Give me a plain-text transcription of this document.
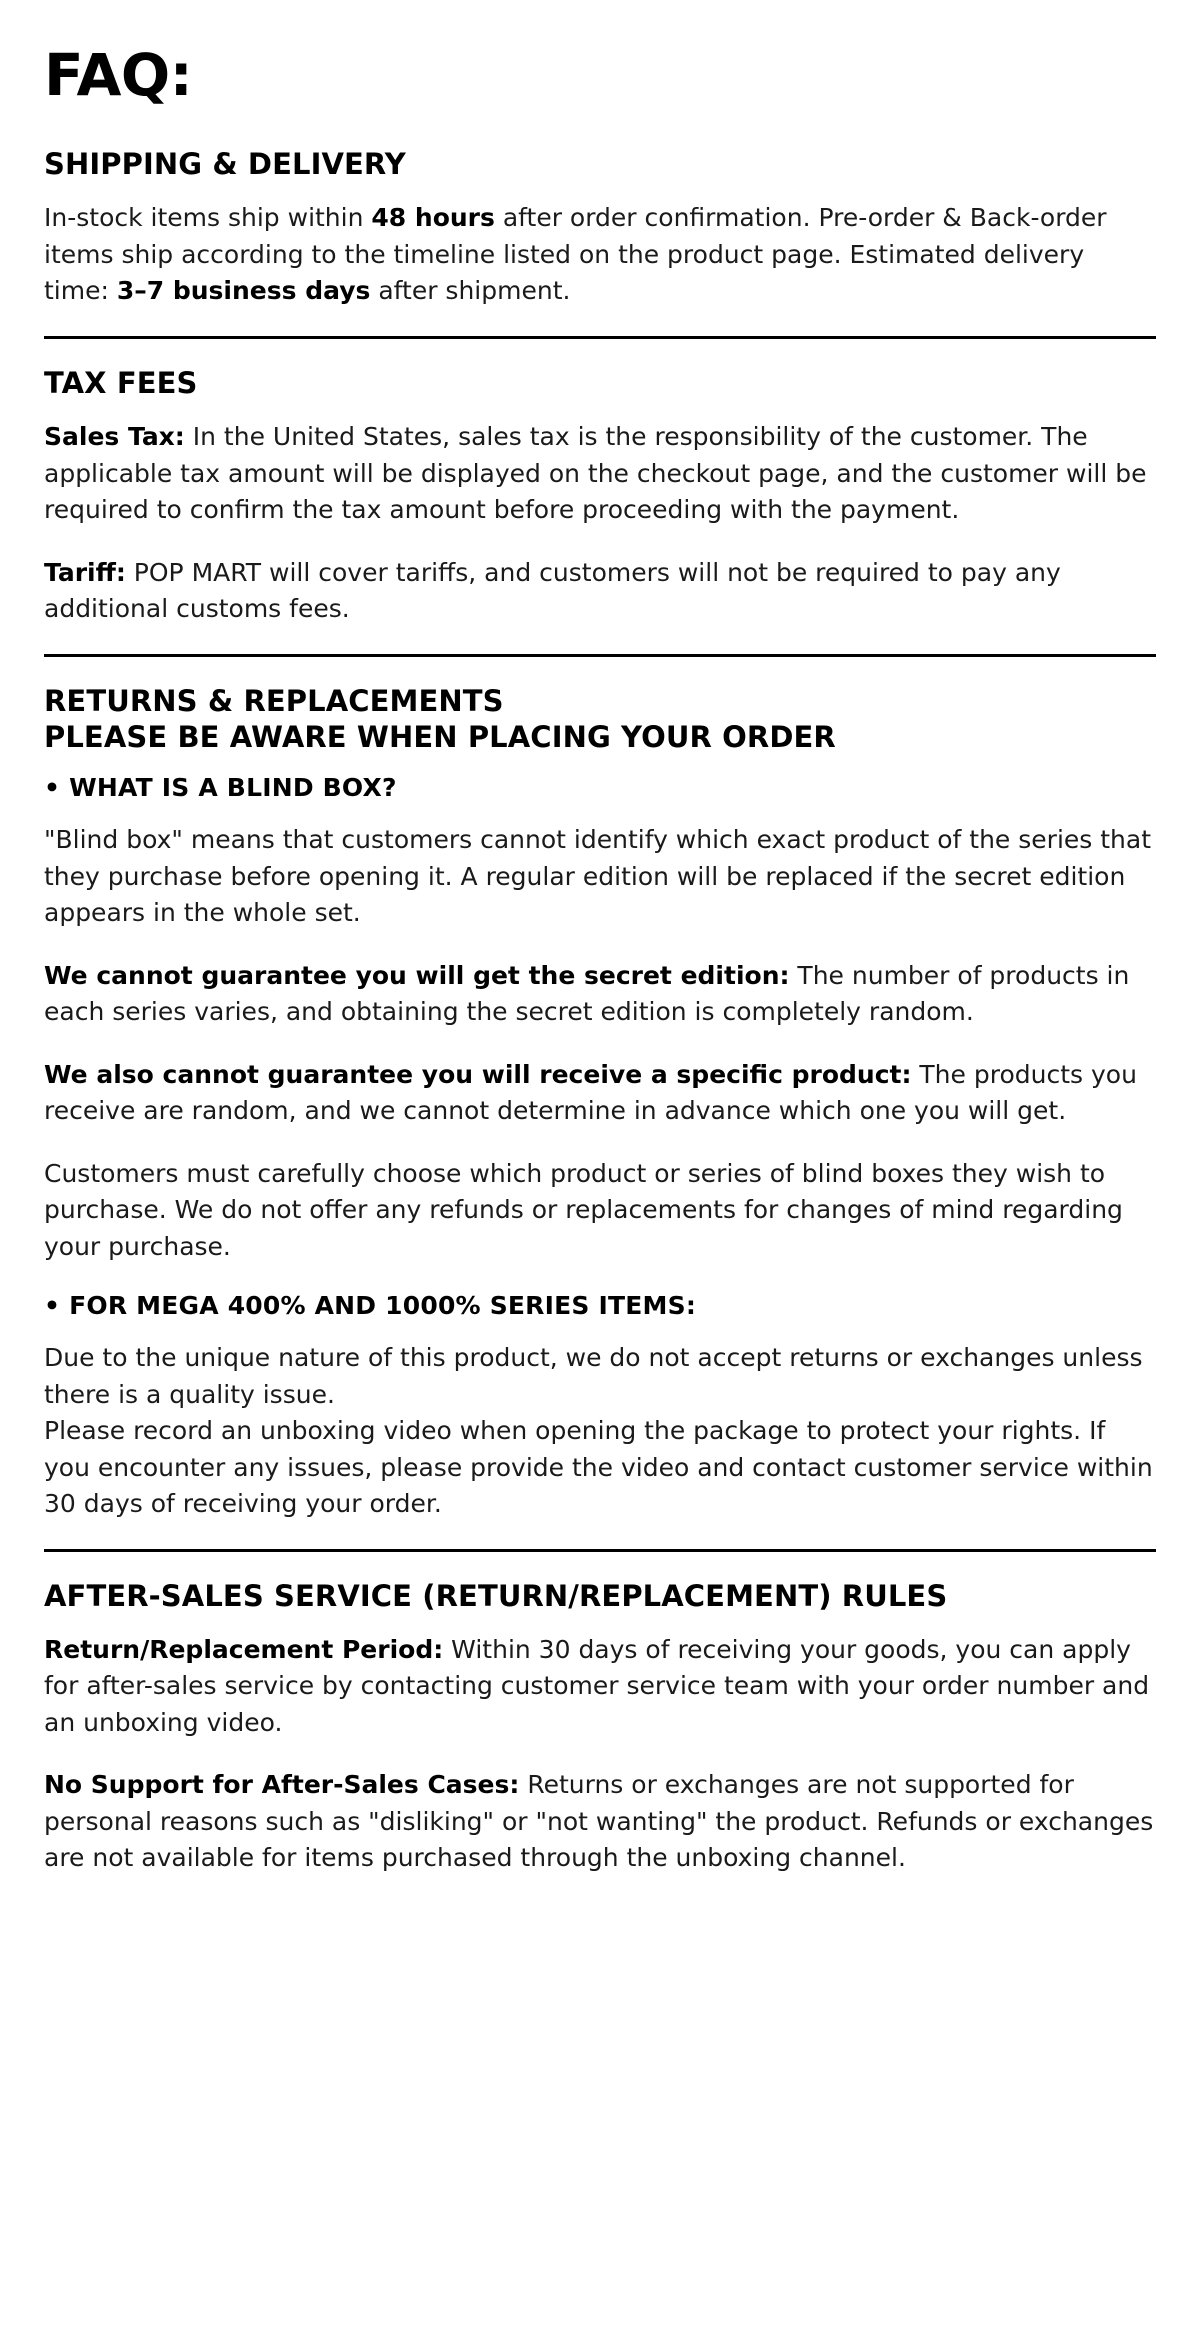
FAQ:
SHIPPING & DELIVERY

In-stock items ship within 48 hours after order confirmation. Pre-order & Back-order items ship according to the timeline listed on the product page. Estimated delivery time: 3–7 business days after shipment.

TAX FEES

Sales Tax: In the United States, sales tax is the responsibility of the customer. The applicable tax amount will be displayed on the checkout page, and the customer will be required to confirm the tax amount before proceeding with the payment.

Tariff: POP MART will cover tariffs, and customers will not be required to pay any additional customs fees.

RETURNS & REPLACEMENTS
PLEASE BE AWARE WHEN PLACING YOUR ORDER

• WHAT IS A BLIND BOX?

"Blind box" means that customers cannot identify which exact product of the series that they purchase before opening it. A regular edition will be replaced if the secret edition appears in the whole set.

We cannot guarantee you will get the secret edition: The number of products in each series varies, and obtaining the secret edition is completely random.

We also cannot guarantee you will receive a specific product: The products you receive are random, and we cannot determine in advance which one you will get.

Customers must carefully choose which product or series of blind boxes they wish to purchase. We do not offer any refunds or replacements for changes of mind regarding your purchase.

• FOR MEGA 400% AND 1000% SERIES ITEMS:

Due to the unique nature of this product, we do not accept returns or exchanges unless there is a quality issue.

Please record an unboxing video when opening the package to protect your rights. If you encounter any issues, please provide the video and contact customer service within 30 days of receiving your order.

AFTER-SALES SERVICE (RETURN/REPLACEMENT) RULES

Return/Replacement Period: Within 30 days of receiving your goods, you can apply for after-sales service by contacting customer service team with your order number and an unboxing video.

No Support for After-Sales Cases: Returns or exchanges are not supported for personal reasons such as "disliking" or "not wanting" the product. Refunds or exchanges are not available for items purchased through the unboxing channel.
